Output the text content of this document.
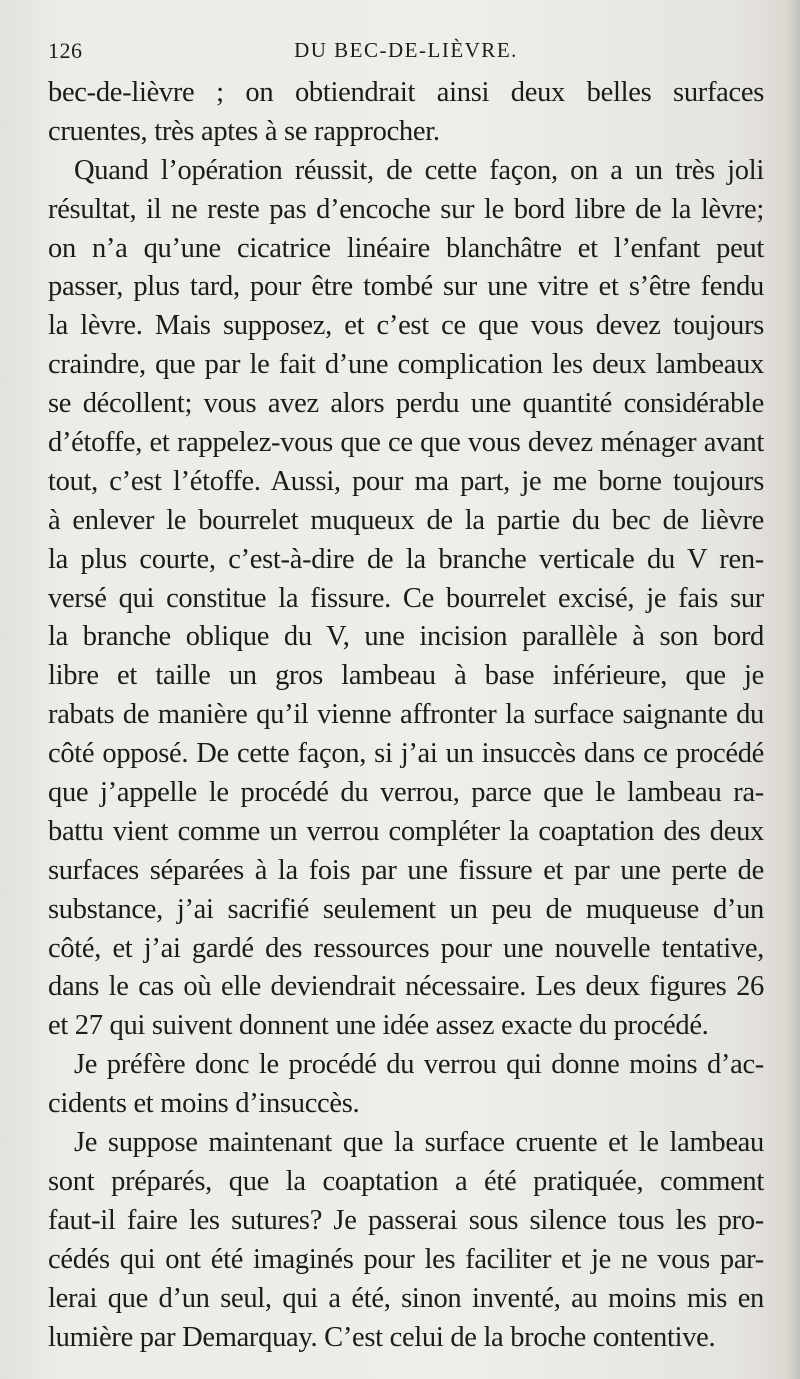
126	DU BEC-DE-LIÈVRE.
bec-de-lièvre ; on obtiendrait ainsi deux belles surfaces
cruentes, très aptes à se rapprocher.
Quand l’opération réussit, de cette façon, on a un très joli
résultat, il ne reste pas d’encoche sur le bord libre de la lèvre;
on n’a qu’une cicatrice linéaire blanchâtre et l’enfant peut
passer, plus tard, pour être tombé sur une vitre et s’être fendu
la lèvre. Mais supposez, et c’est ce que vous devez toujours
craindre, que par le fait d’une complication les deux lambeaux
se décollent; vous avez alors perdu une quantité considérable
d’étoffe, et rappelez-vous que ce que vous devez ménager avant
tout, c’est l’étoffe. Aussi, pour ma part, je me borne toujours
à enlever le bourrelet muqueux de la partie du bec de lièvre
la plus courte, c’est-à-dire de la branche verticale du V ren-
versé qui constitue la fissure. Ce bourrelet excisé, je fais sur
la branche oblique du V, une incision parallèle à son bord
libre et taille un gros lambeau à base inférieure, que je
rabats de manière qu’il vienne affronter la surface saignante du
côté opposé. De cette façon, si j’ai un insuccès dans ce procédé
que j’appelle le procédé du verrou, parce que le lambeau ra-
battu vient comme un verrou compléter la coaptation des deux
surfaces séparées à la fois par une fissure et par une perte de
substance, j’ai sacrifié seulement un peu de muqueuse d’un
côté, et j’ai gardé des ressources pour une nouvelle tentative,
dans le cas où elle deviendrait nécessaire. Les deux figures 26
et 27 qui suivent donnent une idée assez exacte du procédé.
Je préfère donc le procédé du verrou qui donne moins d’ac-
cidents et moins d’insuccès.
Je suppose maintenant que la surface cruente et le lambeau
sont préparés, que la coaptation a été pratiquée, comment
faut-il faire les sutures? Je passerai sous silence tous les pro-
cédés qui ont été imaginés pour les faciliter et je ne vous par-
lerai que d’un seul, qui a été, sinon inventé, au moins mis en
lumière par Demarquay. C’est celui de la broche contentive.
